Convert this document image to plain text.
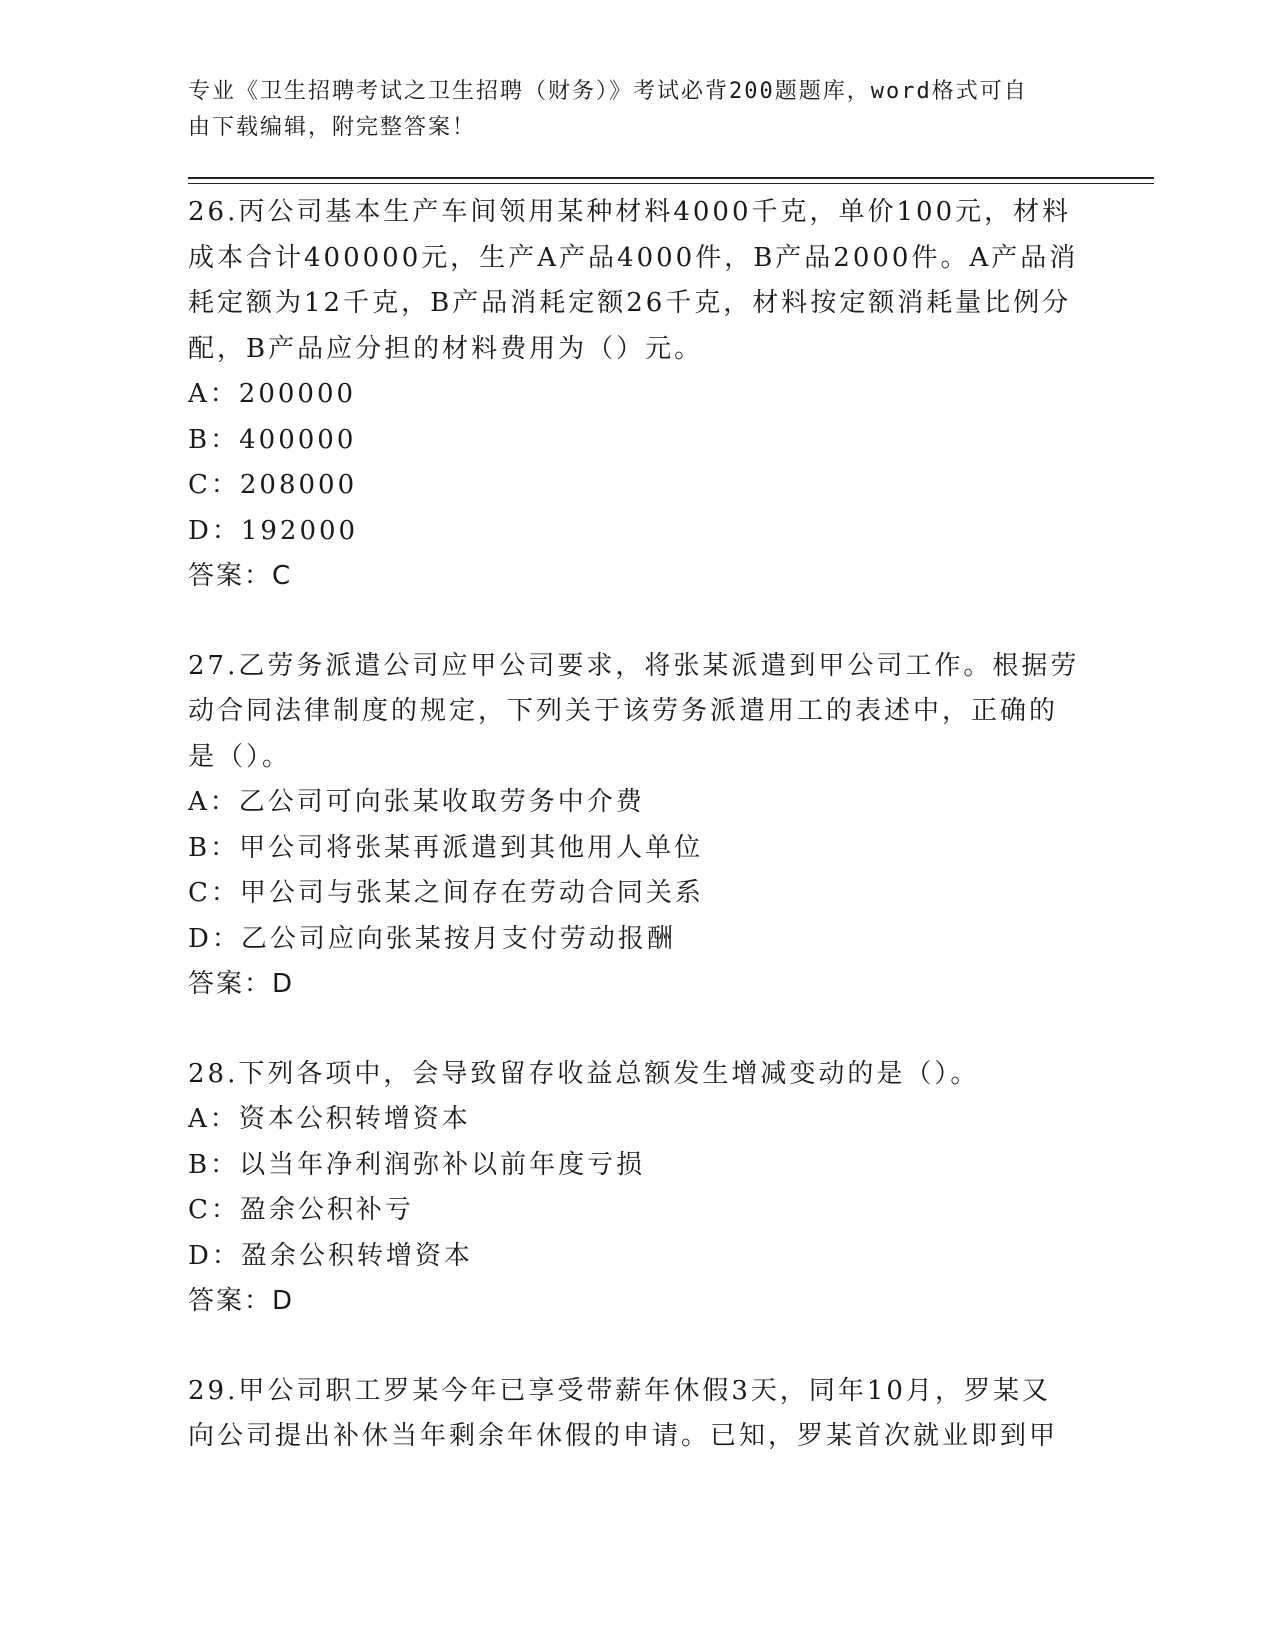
专业《卫生招聘考试之卫生招聘（财务）》考试必背200题题库，word格式可自
由下载编辑，附完整答案！

26.丙公司基本生产车间领用某种材料4000千克，单价100元，材料

成本合计400000元，生产A产品4000件，B产品2000件。A产品消

耗定额为12千克，B产品消耗定额26千克，材料按定额消耗量比例分

配，B产品应分担的材料费用为（）元。

A：200000

B：400000

C：208000

D：192000

答案：C

27.乙劳务派遣公司应甲公司要求，将张某派遣到甲公司工作。根据劳

动合同法律制度的规定，下列关于该劳务派遣用工的表述中，正确的

是（）。

A：乙公司可向张某收取劳务中介费

B：甲公司将张某再派遣到其他用人单位

C：甲公司与张某之间存在劳动合同关系

D：乙公司应向张某按月支付劳动报酬

答案：D

28.下列各项中，会导致留存收益总额发生增减变动的是（）。

A：资本公积转增资本

B：以当年净利润弥补以前年度亏损

C：盈余公积补亏

D：盈余公积转增资本

答案：D

29.甲公司职工罗某今年已享受带薪年休假3天，同年10月，罗某又

向公司提出补休当年剩余年休假的申请。已知，罗某首次就业即到甲
